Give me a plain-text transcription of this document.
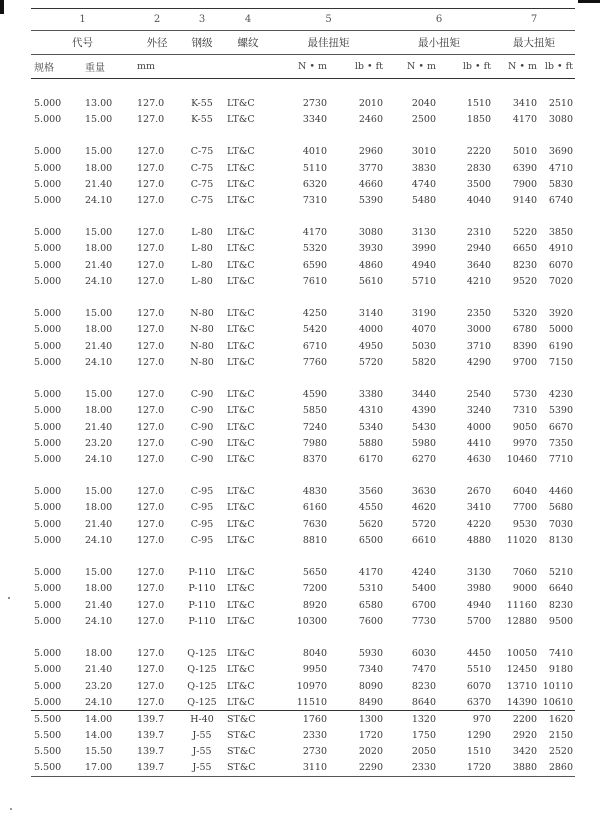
1		2	3	4	5		6		7	
代号		外径	钢级	螺纹	最佳扭矩		最小扭矩		最大扭矩	
规格	重量	mm			N • m	lb • ft	N • m	lb • ft	N • m	lb • ft

5.000	13.00	127.0	K-55	LT&C	2730	2010	2040	1510	3410	2510
5.000	15.00	127.0	K-55	LT&C	3340	2460	2500	1850	4170	3080

5.000	15.00	127.0	C-75	LT&C	4010	2960	3010	2220	5010	3690
5.000	18.00	127.0	C-75	LT&C	5110	3770	3830	2830	6390	4710
5.000	21.40	127.0	C-75	LT&C	6320	4660	4740	3500	7900	5830
5.000	24.10	127.0	C-75	LT&C	7310	5390	5480	4040	9140	6740

5.000	15.00	127.0	L-80	LT&C	4170	3080	3130	2310	5220	3850
5.000	18.00	127.0	L-80	LT&C	5320	3930	3990	2940	6650	4910
5.000	21.40	127.0	L-80	LT&C	6590	4860	4940	3640	8230	6070
5.000	24.10	127.0	L-80	LT&C	7610	5610	5710	4210	9520	7020

5.000	15.00	127.0	N-80	LT&C	4250	3140	3190	2350	5320	3920
5.000	18.00	127.0	N-80	LT&C	5420	4000	4070	3000	6780	5000
5.000	21.40	127.0	N-80	LT&C	6710	4950	5030	3710	8390	6190
5.000	24.10	127.0	N-80	LT&C	7760	5720	5820	4290	9700	7150

5.000	15.00	127.0	C-90	LT&C	4590	3380	3440	2540	5730	4230
5.000	18.00	127.0	C-90	LT&C	5850	4310	4390	3240	7310	5390
5.000	21.40	127.0	C-90	LT&C	7240	5340	5430	4000	9050	6670
5.000	23.20	127.0	C-90	LT&C	7980	5880	5980	4410	9970	7350
5.000	24.10	127.0	C-90	LT&C	8370	6170	6270	4630	10460	7710

5.000	15.00	127.0	C-95	LT&C	4830	3560	3630	2670	6040	4460
5.000	18.00	127.0	C-95	LT&C	6160	4550	4620	3410	7700	5680
5.000	21.40	127.0	C-95	LT&C	7630	5620	5720	4220	9530	7030
5.000	24.10	127.0	C-95	LT&C	8810	6500	6610	4880	11020	8130

5.000	15.00	127.0	P-110	LT&C	5650	4170	4240	3130	7060	5210
5.000	18.00	127.0	P-110	LT&C	7200	5310	5400	3980	9000	6640
5.000	21.40	127.0	P-110	LT&C	8920	6580	6700	4940	11160	8230
5.000	24.10	127.0	P-110	LT&C	10300	7600	7730	5700	12880	9500

5.000	18.00	127.0	Q-125	LT&C	8040	5930	6030	4450	10050	7410
5.000	21.40	127.0	Q-125	LT&C	9950	7340	7470	5510	12450	9180
5.000	23.20	127.0	Q-125	LT&C	10970	8090	8230	6070	13710	10110
5.000	24.10	127.0	Q-125	LT&C	11510	8490	8640	6370	14390	10610
5.500	14.00	139.7	H-40	ST&C	1760	1300	1320	970	2200	1620
5.500	14.00	139.7	J-55	ST&C	2330	1720	1750	1290	2920	2150
5.500	15.50	139.7	J-55	ST&C	2730	2020	2050	1510	3420	2520
5.500	17.00	139.7	J-55	ST&C	3110	2290	2330	1720	3880	2860
